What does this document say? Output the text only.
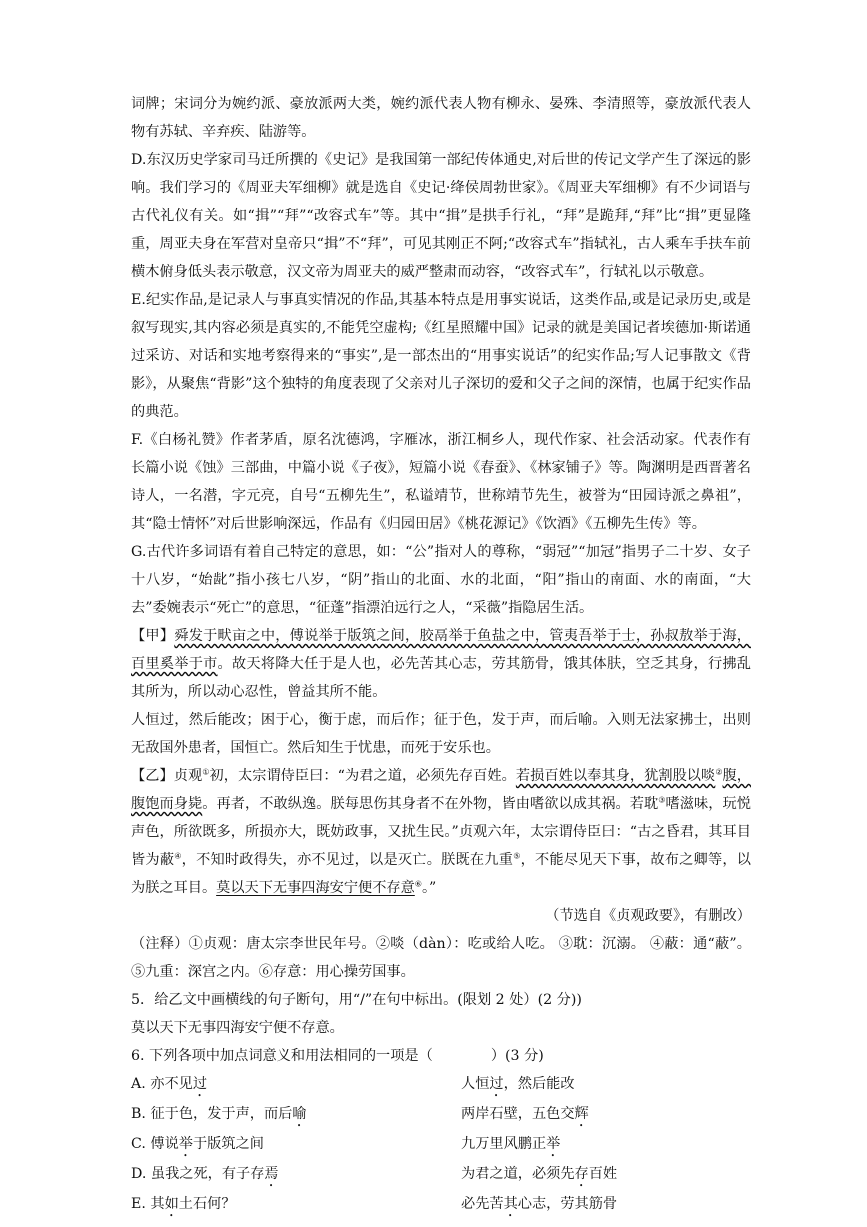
词牌；宋词分为婉约派、豪放派两大类，婉约派代表人物有柳永、晏殊、李清照等，豪放派代表人物有苏轼、辛弃疾、陆游等。

D.东汉历史学家司马迁所撰的《史记》是我国第一部纪传体通史,对后世的传记文学产生了深远的影响。我们学习的《周亚夫军细柳》就是选自《史记·绛侯周勃世家》。《周亚夫军细柳》有不少词语与古代礼仪有关。如“揖”“拜”“改容式车”等。其中“揖”是拱手行礼，“拜”是跪拜,“拜”比“揖”更显隆重，周亚夫身在军营对皇帝只“揖”不“拜”，可见其刚正不阿;“改容式车”指轼礼，古人乘车手扶车前横木俯身低头表示敬意，汉文帝为周亚夫的威严整肃而动容，“改容式车”，行轼礼以示敬意。

E.纪实作品,是记录人与事真实情况的作品,其基本特点是用事实说话，这类作品,或是记录历史,或是叙写现实,其内容必须是真实的,不能凭空虚构;《红星照耀中国》记录的就是美国记者埃德加·斯诺通过采访、对话和实地考察得来的“事实”,是一部杰出的“用事实说话”的纪实作品;写人记事散文《背影》，从聚焦“背影”这个独特的角度表现了父亲对儿子深切的爱和父子之间的深情，也属于纪实作品的典范。

F.《白杨礼赞》作者茅盾，原名沈德鸿，字雁冰，浙江桐乡人，现代作家、社会活动家。代表作有长篇小说《蚀》三部曲，中篇小说《子夜》，短篇小说《春蚕》、《林家铺子》等。陶渊明是西晋著名诗人，一名潜，字元亮，自号“五柳先生”，私谥靖节，世称靖节先生，被誉为“田园诗派之鼻祖”，其“隐士情怀”对后世影响深远，作品有《归园田居》《桃花源记》《饮酒》《五柳先生传》等。

G.古代许多词语有着自己特定的意思，如：“公”指对人的尊称，“弱冠”“加冠”指男子二十岁、女子十八岁，“始龀”指小孩七八岁，“阴”指山的北面、水的北面，“阳”指山的南面、水的南面，“大去”委婉表示“死亡”的意思，“征蓬”指漂泊远行之人，“采薇”指隐居生活。

【甲】舜发于畎亩之中，傅说举于版筑之间，胶鬲举于鱼盐之中，管夷吾举于士，孙叔敖举于海，百里奚举于市。故天将降大任于是人也，必先苦其心志，劳其筋骨，饿其体肤，空乏其身，行拂乱其所为，所以动心忍性，曾益其所不能。

人恒过，然后能改；困于心，衡于虑，而后作；征于色，发于声，而后喻。入则无法家拂士，出则无敌国外患者，国恒亡。然后知生于忧患，而死于安乐也。

【乙】贞观①初，太宗谓侍臣曰：“为君之道，必须先存百姓。若损百姓以奉其身，犹割股以啖②腹，腹饱而身毙。再者，不敢纵逸。朕每思伤其身者不在外物，皆由嗜欲以成其祸。若耽③嗜滋味，玩悦声色，所欲既多，所损亦大，既妨政事，又扰生民。”贞观六年，太宗谓侍臣曰：“古之昏君，其耳目皆为蔽④，不知时政得失，亦不见过，以是灭亡。朕既在九重⑤，不能尽见天下事，故布之卿等，以为朕之耳目。莫以天下无事四海安宁便不存意⑥。”

（节选自《贞观政要》，有删改）

（注释）①贞观：唐太宗李世民年号。②啖（dàn）：吃或给人吃。 ③耽：沉溺。 ④蔽：通“蔽”。⑤九重：深宫之内。⑥存意：用心操劳国事。

5．给乙文中画横线的句子断句，用“/”在句中标出。(限划 2 处）(2 分))

莫以天下无事四海安宁便不存意。

6. 下列各项中加点词意义和用法相同的一项是（	）(3 分)

A. 亦不见过	人恒过，然后能改
B. 征于色，发于声，而后喻	两岸石壁，五色交辉
C. 傅说举于版筑之间	九万里风鹏正举
D. 虽我之死，有子存焉	为君之道，必须先存百姓
E. 其如土石何？	必先苦其心志，劳其筋骨
